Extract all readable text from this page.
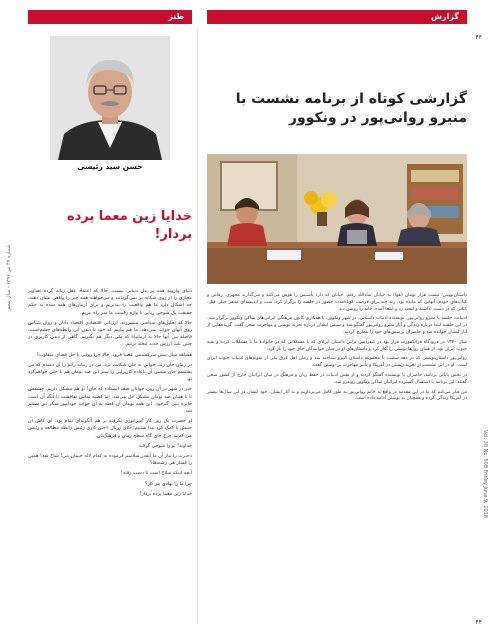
طنز	گزارش
۴۴
۴۴
شماره ۴۹ تیر ۱۳۹۶ - سال پنجم
Vol. 38 No. 508 Friday June 9, 2018
حسن سید رئیسی
خدایا زین معما پرده بردار!

دنیای وارونه همه پر بدل دنیایی نیست. حالا که اعتماد عقل زبانه گرده تصاویر مجازی را از روی شکایه بر نمی‌گردانند و می‌خواهند همه چیز را واقعی نشان دهند. چه اشکال دارد ما هم واقعیت را بپذیریم و برای آرمان‌های همه شده به حکم حقیقت یک شوخی زبانی با واژه رقمیت ما سر راه ببریم.

حالا که تحلیل‌های سیاسی متسررند، ارزیابی اقتصادی اقتصاد دانان و روان شناس روی آنهان جواب نمی‌دهد. ما هم بیاییم که خود با دیدن این رابطه‌های چشم‌است، فاصله بین آنها حالا به آرمانیا‌تا که یکی دیگر هم نگیریم. گاهی از دیدن کاربری در چنین ثلث ارزش جدید لبخند بزنیم.

هشاهد سال پیش سرکشیمی عصبا فرود. حالا چرا روایی با حل فضای متفاوت؟

در زمان خان زند، جوابی به خان شکایت برد. من در زمانه رانم را آن دمیدم که من پشتشم خان منسی آن ناعاده کارپرلین را سیر این صد تومان هم با حلی خواهم‌کرد تو.

خبر در شهر در آن روز، جوانان صف ایستاده که خان! تو هم مشکل داریم. چشمش تا با همان صد تومان مشکل حل می‌شد. اما قضیه تماس تفاقشت تا آنگه آن است جایزه پنیر. گم‌خود. این همه تومان آن قصه به آن جواب خودآموز شکر تیز مسلم شد.

او حضرت یک روز کار امپراتوری نگرفته بر هم آنگونه‌ای تمام بود. ای کاش آن جنبش با کمک کرد پیدا نشتیم؛ آکای ژرنال «چین کاری رئیس رابطه مطالعه و رئیس می کمپند چرخ جای گاه سطح زمان و فرهنگ‌تان.

خداوند! تو را شوخی گرفته

دخترت را بیار آن ما آنقدر سلامتم فرموده به کدام لاله جیمان می! شاخ شد! همین را فشار هی رشته‌ها؟

آنچه اینکه سلاح است تا دست رفته!

چرا ما را نهادی پیر کار؟

خدایا زین معما پرده بردار!

گزارشی کوتاه از برنامه نشست با منیرو روانی‌پور در ونکوور

داستان‌نویس؛ نیست هزار تومان (هوا) به خیابان شادالله رفتم. خیابان که دارد تأسیس را هوش می‌کنند و می‌گذارند مجهزی. رقاص و کتاب‌های خودم. آنهایی که مانده بود، رند چند برای فرصت کوتاه‌مدت حضور در جلسه را برگزار کرد. شب و اندیشه‌ای منتقر خیلی قبل. کتابی که در دست نداشته و لبخند زد و اینجا آمده. خانه را روشن دید.

ادبیات، جلسه با منیرو روانی‌پور، نویسنده ادبیات داستانی، در شهر ونکوور، با همکاری کانون فرهنگی ایرانی‌های ساکن ونکوور برگزار شد. در این جلسه ابتدا درباره زندگی و آثار منیرو روانی‌پور گفتگو شد و سپس ایشان درباره تجربه نوشتن و مهاجرت سخن گفت. گزیده‌هایی از آثار ایشان خوانده شد و حاضران پرسش‌های خود را مطرح کردند.

سال ۱۳۷۰ در فرودگاه فرانکفورت قرار بود در کنفرانس برلین داستان ایرادی که با مشکلاتی که در خانواده ما با مشکلات کرده و بقیه جنوب ایران بود. از همان روزها نوشتن را آغاز کرد و داستان‌های او در میان خوانندگان جای خود را باز کرد.

روانی‌پور داستان‌نویسی که در دهه شصت با مجموعه داستان کنیزو شناخته شد و رمان اهل غرق یکی از نمونه‌های ادبیات جنوب ایران است. او در این نشست از تجربه زیستن در آمریکا و تأثیر مهاجرت بر نوشتن گفت.

در بخش پایانی برنامه، حاضران با نویسنده گفتگو کردند و از نقش ادبیات در حفظ زبان و فرهنگ در میان ایرانیان خارج از کشور سخن گفتند. این برنامه با استقبال گسترده ایرانیان ساکن ونکوور روبه‌رو شد.

من فکر می‌کنم که ما در این مقدمه در واقع به خانم روانی‌پور به طور کامل می‌پردازیم و به آثار ایشان. خود ایشان در این سال‌ها بیشتر در آمریکا زندگی کرده و همچنان به نوشتن ادامه داده است.
